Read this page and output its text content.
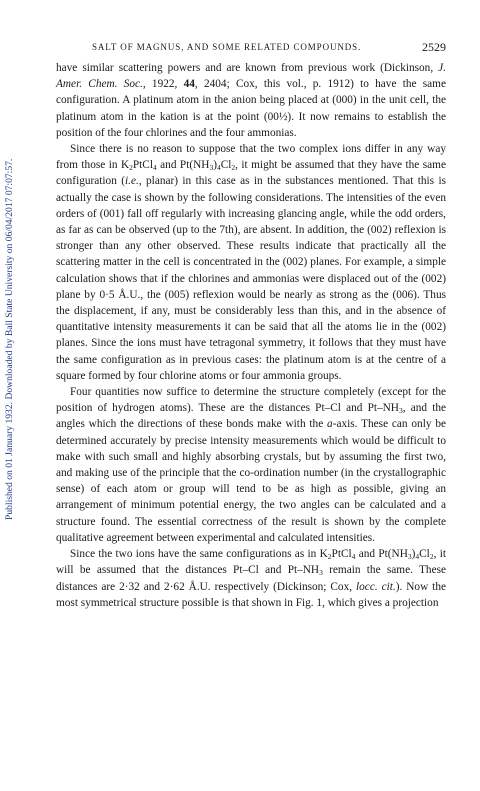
Published on 01 January 1932. Downloaded by Ball State University on 06/04/2017 07:07:57.
SALT OF MAGNUS, AND SOME RELATED COMPOUNDS.	2529

have similar scattering powers and are known from previous work (Dickinson, J. Amer. Chem. Soc., 1922, 44, 2404; Cox, this vol., p. 1912) to have the same configuration. A platinum atom in the anion being placed at (000) in the unit cell, the platinum atom in the kation is at the point (00½). It now remains to establish the position of the four chlorines and the four ammonias.

Since there is no reason to suppose that the two complex ions differ in any way from those in $K_2PtCl_4$ and $Pt(NH_3)_4Cl_2$, it might be assumed that they have the same configuration (i.e., planar) in this case as in the substances mentioned. That this is actually the case is shown by the following considerations. The intensities of the even orders of (001) fall off regularly with increasing glancing angle, while the odd orders, as far as can be observed (up to the 7th), are absent. In addition, the (002) reflexion is stronger than any other observed. These results indicate that practically all the scattering matter in the cell is concentrated in the (002) planes. For example, a simple calculation shows that if the chlorines and ammonias were displaced out of the (002) plane by 0·5 Å.U., the (005) reflexion would be nearly as strong as the (006). Thus the displacement, if any, must be considerably less than this, and in the absence of quantitative intensity measurements it can be said that all the atoms lie in the (002) planes. Since the ions must have tetragonal symmetry, it follows that they must have the same configuration as in previous cases: the platinum atom is at the centre of a square formed by four chlorine atoms or four ammonia groups.

Four quantities now suffice to determine the structure completely (except for the position of hydrogen atoms). These are the distances Pt–Cl and $Pt-NH_3$, and the angles which the directions of these bonds make with the a-axis. These can only be determined accurately by precise intensity measurements which would be difficult to make with such small and highly absorbing crystals, but by assuming the first two, and making use of the principle that the co-ordination number (in the crystallographic sense) of each atom or group will tend to be as high as possible, giving an arrangement of minimum potential energy, the two angles can be calculated and a structure found. The essential correctness of the result is shown by the complete qualitative agreement between experimental and calculated intensities.

Since the two ions have the same configurations as in $K_2PtCl_4$ and $Pt(NH_3)_4Cl_2$, it will be assumed that the distances Pt–Cl and $Pt-NH_3$ remain the same. These distances are 2·32 and 2·62 Å.U. respectively (Dickinson; Cox, locc. cit.). Now the most symmetrical structure possible is that shown in Fig. 1, which gives a projection
